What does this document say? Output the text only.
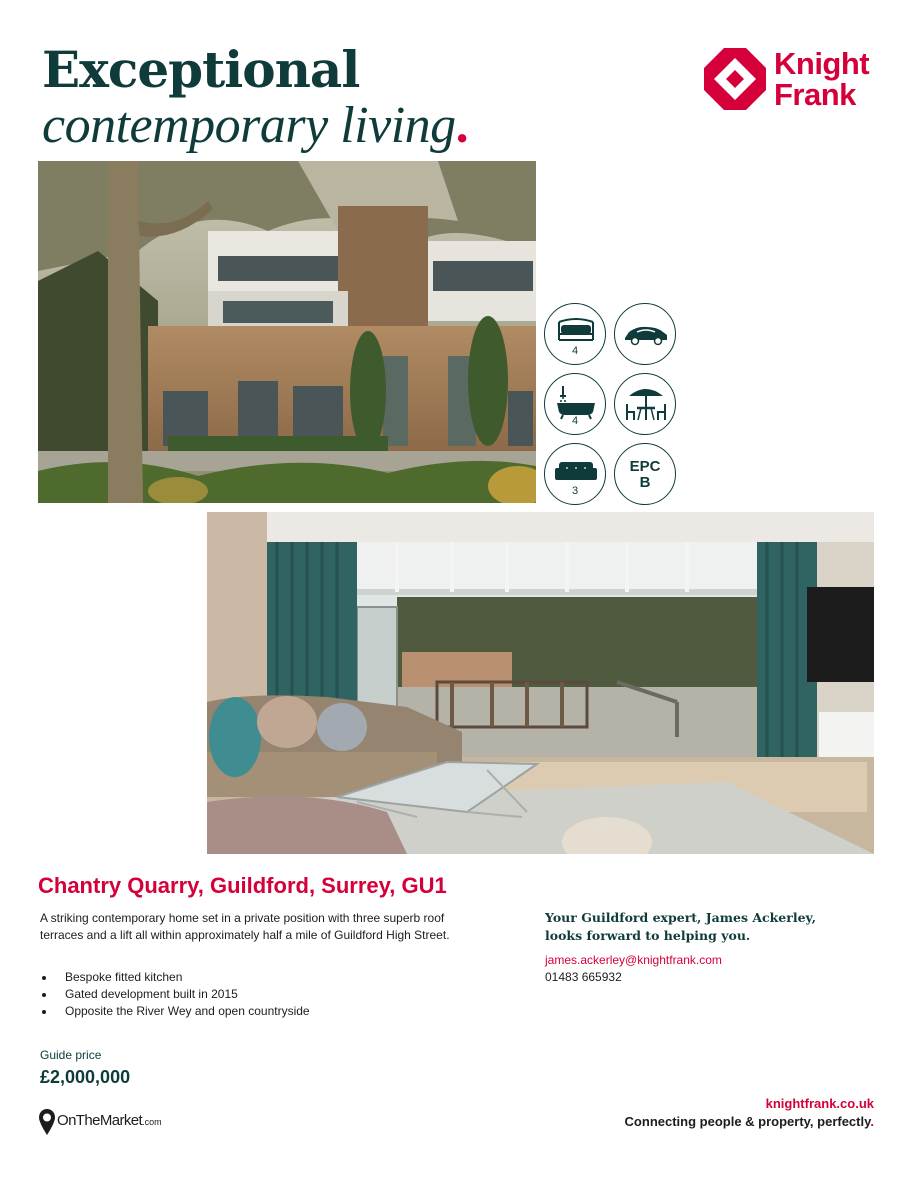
Exceptional
contemporary living.
Knight
Frank
4
4
3
EPC
B
Chantry Quarry, Guildford, Surrey, GU1
A striking contemporary home set in a private position with three superb roof terraces and a lift all within approximately half a mile of Guildford High Street.
Bespoke fitted kitchen
Gated development built in 2015
Opposite the River Wey and open countryside
Guide price
£2,000,000
Your Guildford expert, James Ackerley, looks forward to helping you.
james.ackerley@knightfrank.com
01483 665932
OnTheMarket.com
knightfrank.co.uk
Connecting people & property, perfectly.
